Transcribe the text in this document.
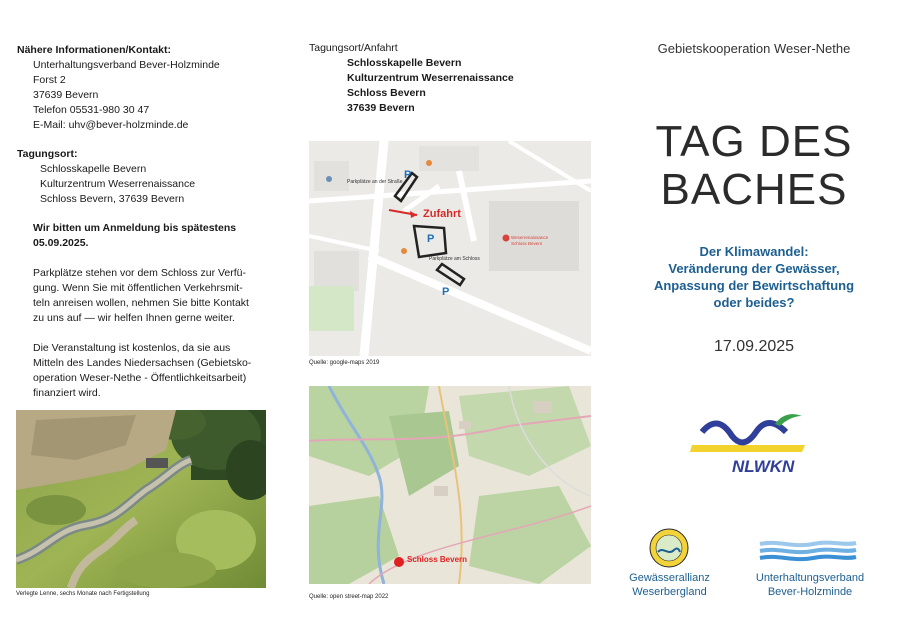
Nähere Informationen/Kontakt:
Unterhaltungsverband Bever-Holzminde
Forst 2
37639 Bevern
Telefon 05531-980 30 47
E-Mail: uhv@bever-holzminde.de
Tagungsort:
Schlosskapelle Bevern
Kulturzentrum Weserrenaissance
Schloss Bevern, 37639 Bevern
Wir bitten um Anmeldung bis spätestens
05.09.2025.
Parkplätze stehen vor dem Schloss zur Verfü-
gung. Wenn Sie mit öffentlichen Verkehrsmit-
teln anreisen wollen, nehmen Sie bitte Kontakt
zu uns auf — wir helfen Ihnen gerne weiter.
Die Veranstaltung ist kostenlos, da sie aus
Mitteln des Landes Niedersachsen (Gebietsko-
operation Weser-Nethe - Öffentlichkeitsarbeit)
finanziert wird.
Verlegte Lenne, sechs Monate nach Fertigstellung
Tagungsort/Anfahrt
Schlosskapelle Bevern
Kulturzentrum Weserrenaissance
Schloss Bevern
37639 Bevern
P
P
P
Zufahrt
Parkplätze an der Straße
Parkplätze am Schloss
Weserrenaissance Schloss Bevern
Quelle: google-maps 2019
Schloss Bevern
Quelle: open street-map 2022
Gebietskooperation Weser-Nethe
TAG DES
BACHES
Der Klimawandel:
Veränderung der Gewässer,
Anpassung der Bewirtschaftung
oder beides?
17.09.2025
NLWKN
Gewässerallianz
Weserbergland
Unterhaltungsverband
Bever-Holzminde
